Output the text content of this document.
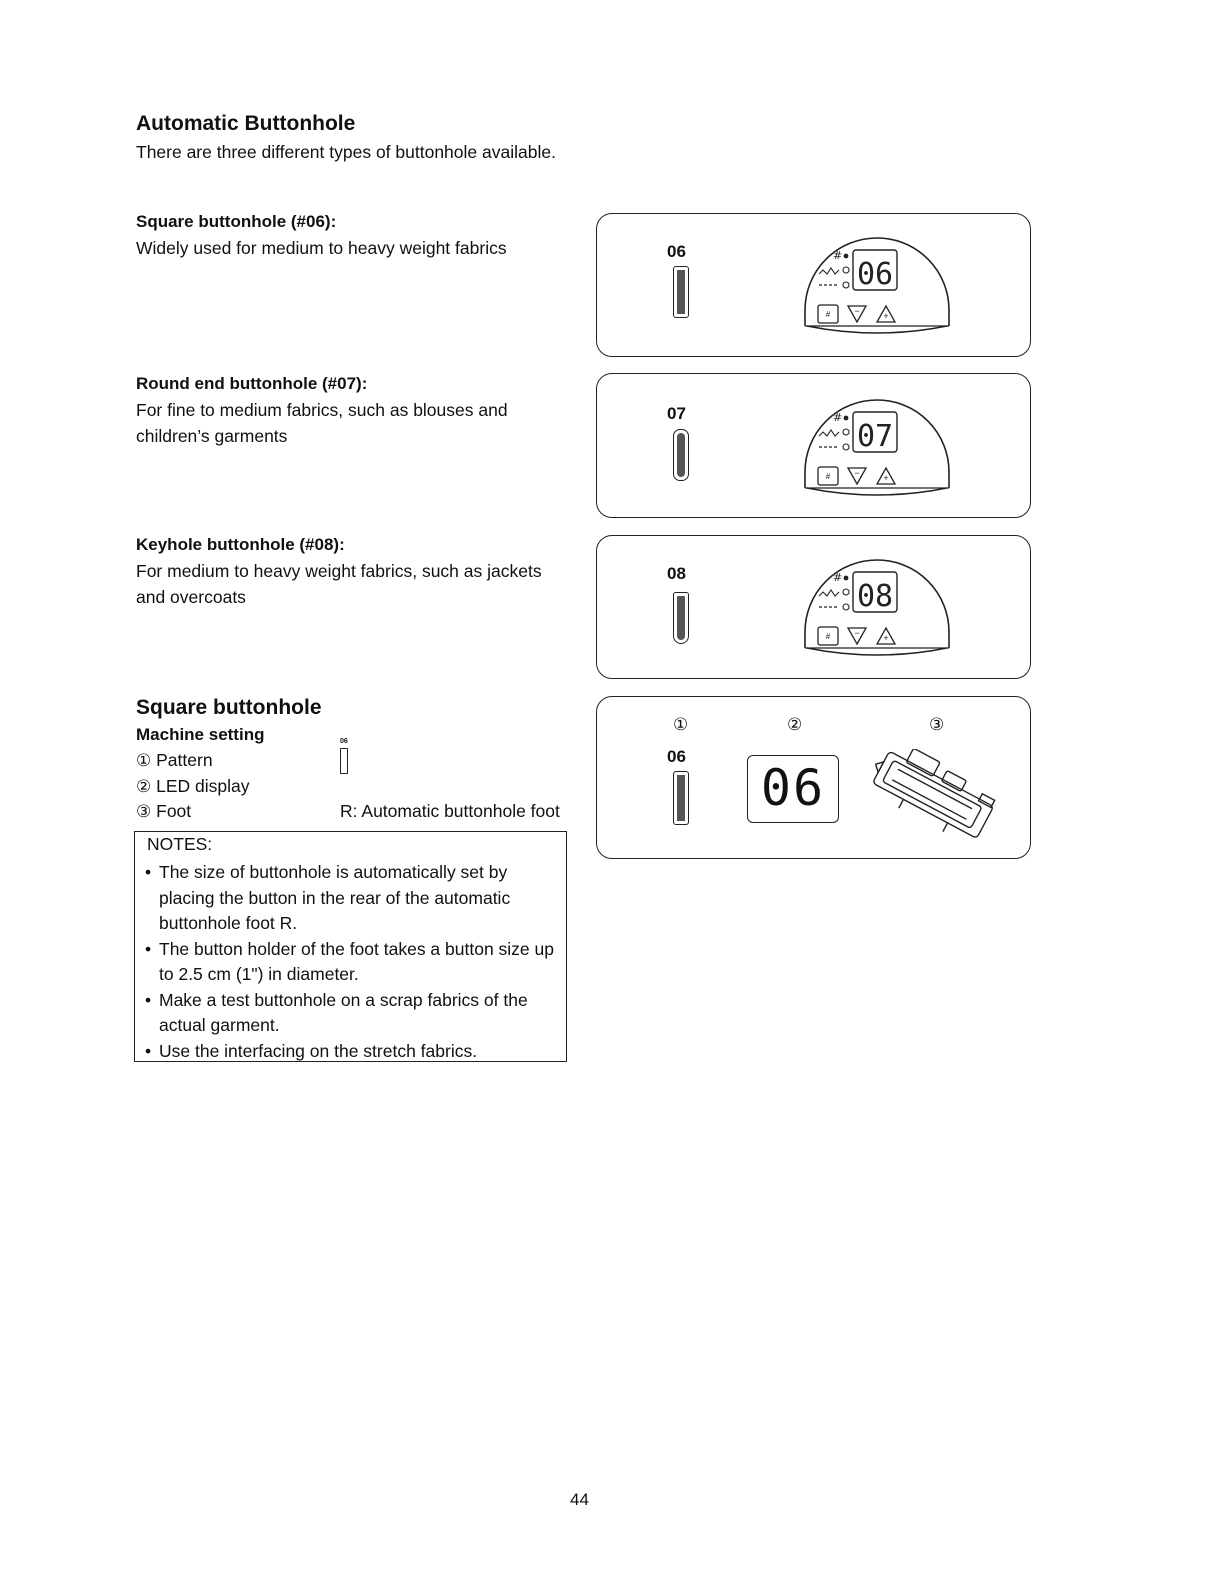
Automatic Buttonhole
There are three different types of buttonhole available.
Square buttonhole (#06):
Widely used for medium to heavy weight fabrics
Round end buttonhole (#07):
For fine to medium fabrics, such as blouses and
children’s garments
Keyhole buttonhole (#08):
For medium to heavy weight fabrics, such as jackets
and overcoats
06	#
06
#	−	+
07	#
07
#	−	+
08	#
08
#	−	+
Square buttonhole
Machine setting
① Pattern
② LED display
③ Foot
06
R: Automatic buttonhole foot
NOTES:
• The size of buttonhole is automatically set by placing the button in the rear of the automatic buttonhole foot R.
• The button holder of the foot takes a button size up to 2.5 cm (1") in diameter.
• Make a test buttonhole on a scrap fabrics of the actual garment.
• Use the interfacing on the stretch fabrics.
①	②	③
06
06
44
